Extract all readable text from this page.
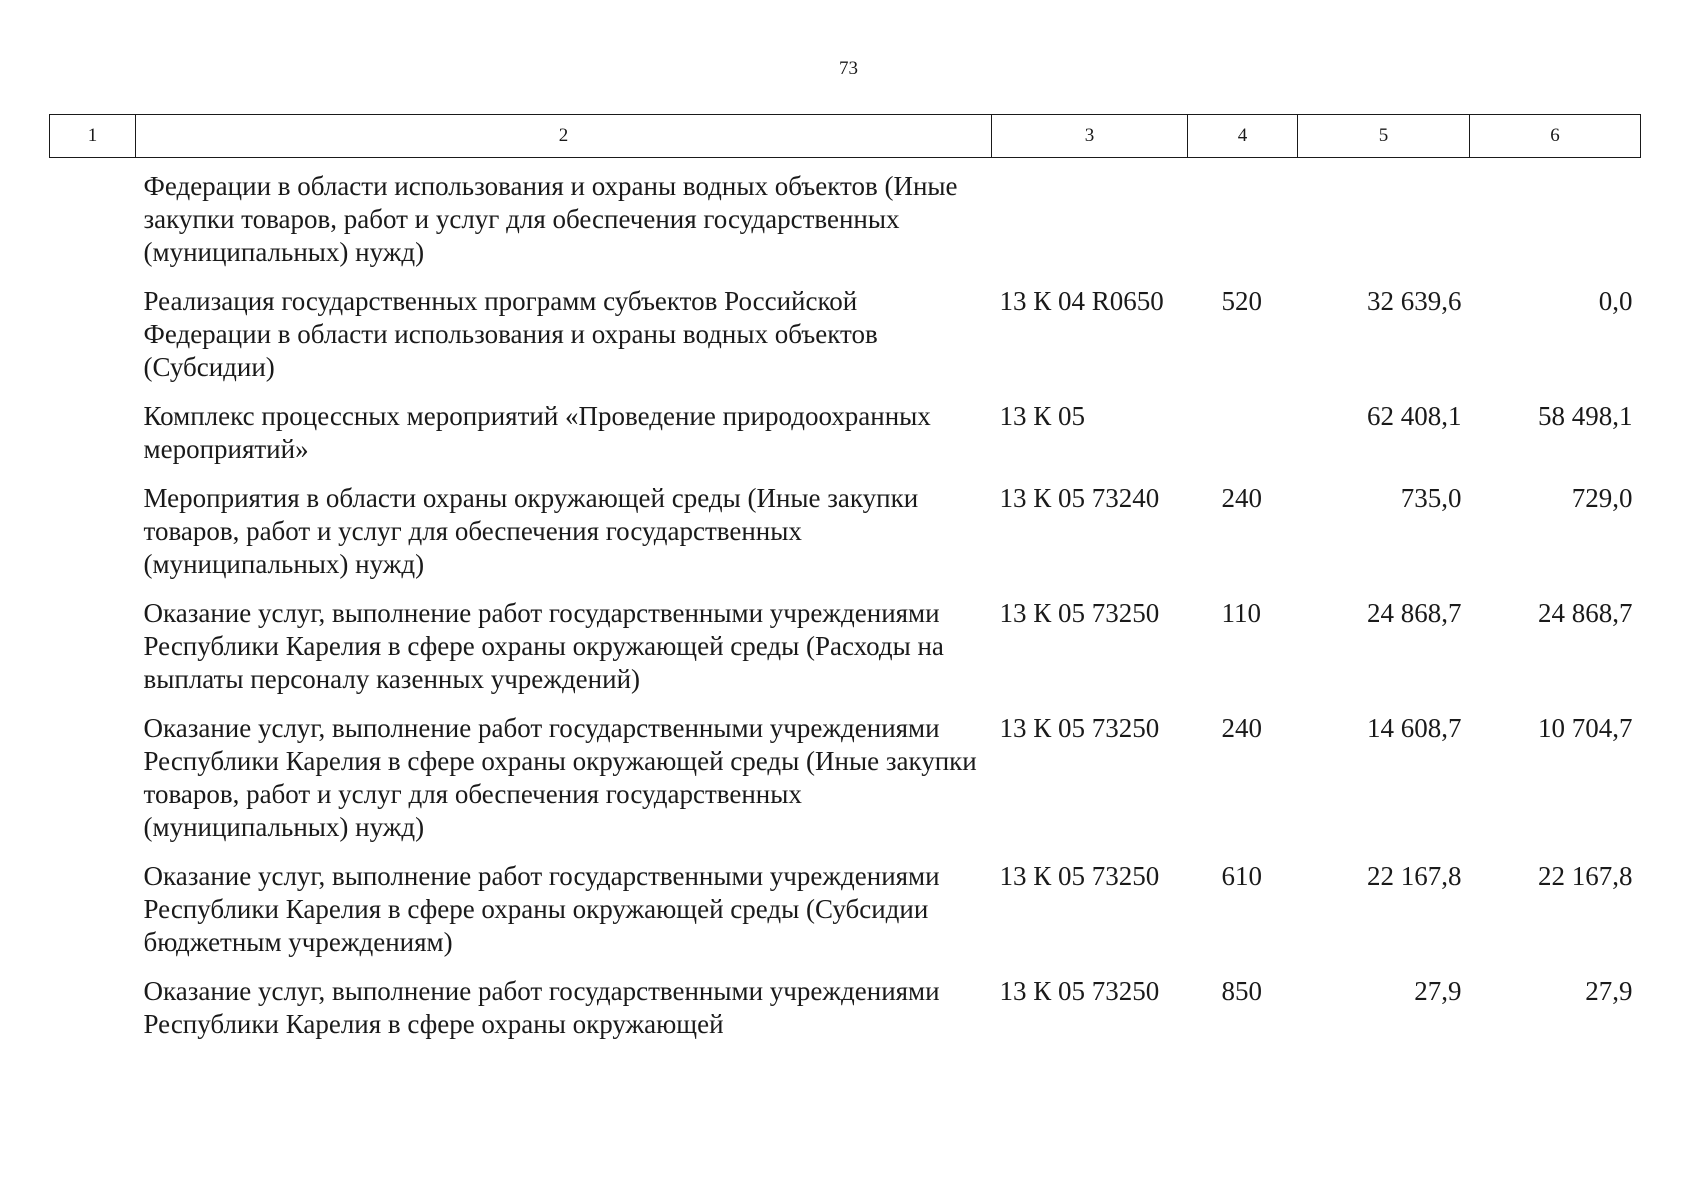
73
1	2	3	4	5	6
	Федерации в области использования и охраны водных объектов (Иные закупки товаров, работ и услуг для обеспечения государственных (муниципальных) нужд)				
	Реализация государственных программ субъектов Российской Федерации в области использования и охраны водных объектов (Субсидии)	13 К 04 R0650	520	32 639,6	0,0
	Комплекс процессных мероприятий «Проведение природоохранных мероприятий»	13 К 05		62 408,1	58 498,1
	Мероприятия в области охраны окружающей среды (Иные закупки товаров, работ и услуг для обеспечения государственных (муниципальных) нужд)	13 К 05 73240	240	735,0	729,0
	Оказание услуг, выполнение работ государственными учреждениями Республики Карелия в сфере охраны окружающей среды (Расходы на выплаты персоналу казенных учреждений)	13 К 05 73250	110	24 868,7	24 868,7
	Оказание услуг, выполнение работ государственными учреждениями Республики Карелия в сфере охраны окружающей среды (Иные закупки товаров, работ и услуг для обеспечения государственных (муниципальных) нужд)	13 К 05 73250	240	14 608,7	10 704,7
	Оказание услуг, выполнение работ государственными учреждениями Республики Карелия в сфере охраны окружающей среды (Субсидии бюджетным учреждениям)	13 К 05 73250	610	22 167,8	22 167,8
	Оказание услуг, выполнение работ государственными учреждениями Республики Карелия в сфере охраны окружающей	13 К 05 73250	850	27,9	27,9
